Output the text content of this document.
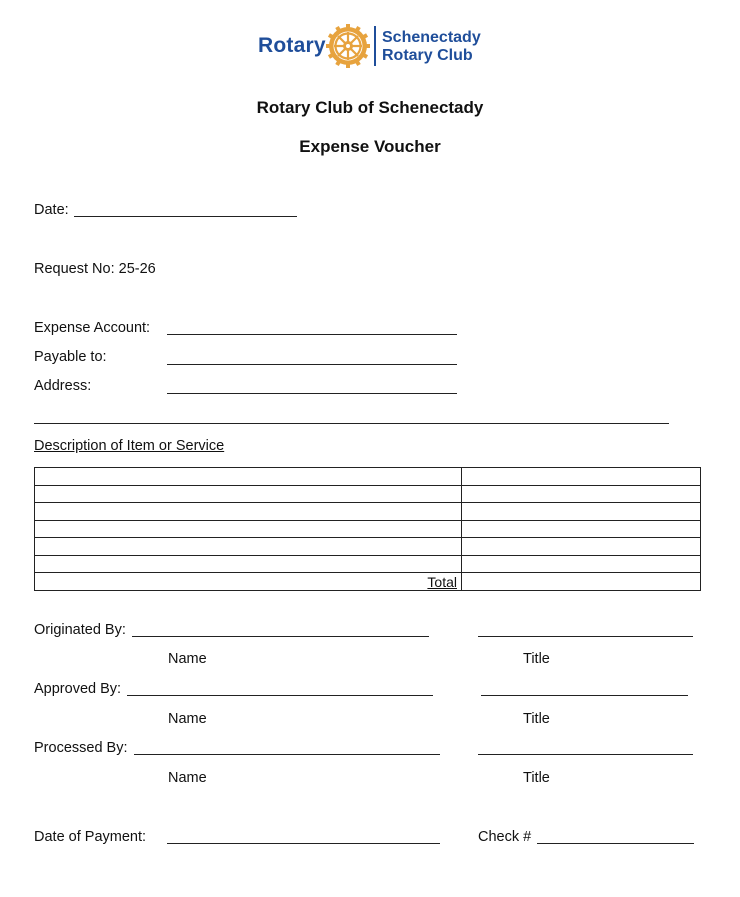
Rotary	Schenectady
Rotary Club
Rotary Club of Schenectady
Expense Voucher
Date:
Request No: 25-26
Expense Account:
Payable to:
Address:
Description of Item or Service

Total	
Originated By:
Name	Title
Approved By:
Name	Title
Processed By:
Name	Title
Date of Payment:	Check #
